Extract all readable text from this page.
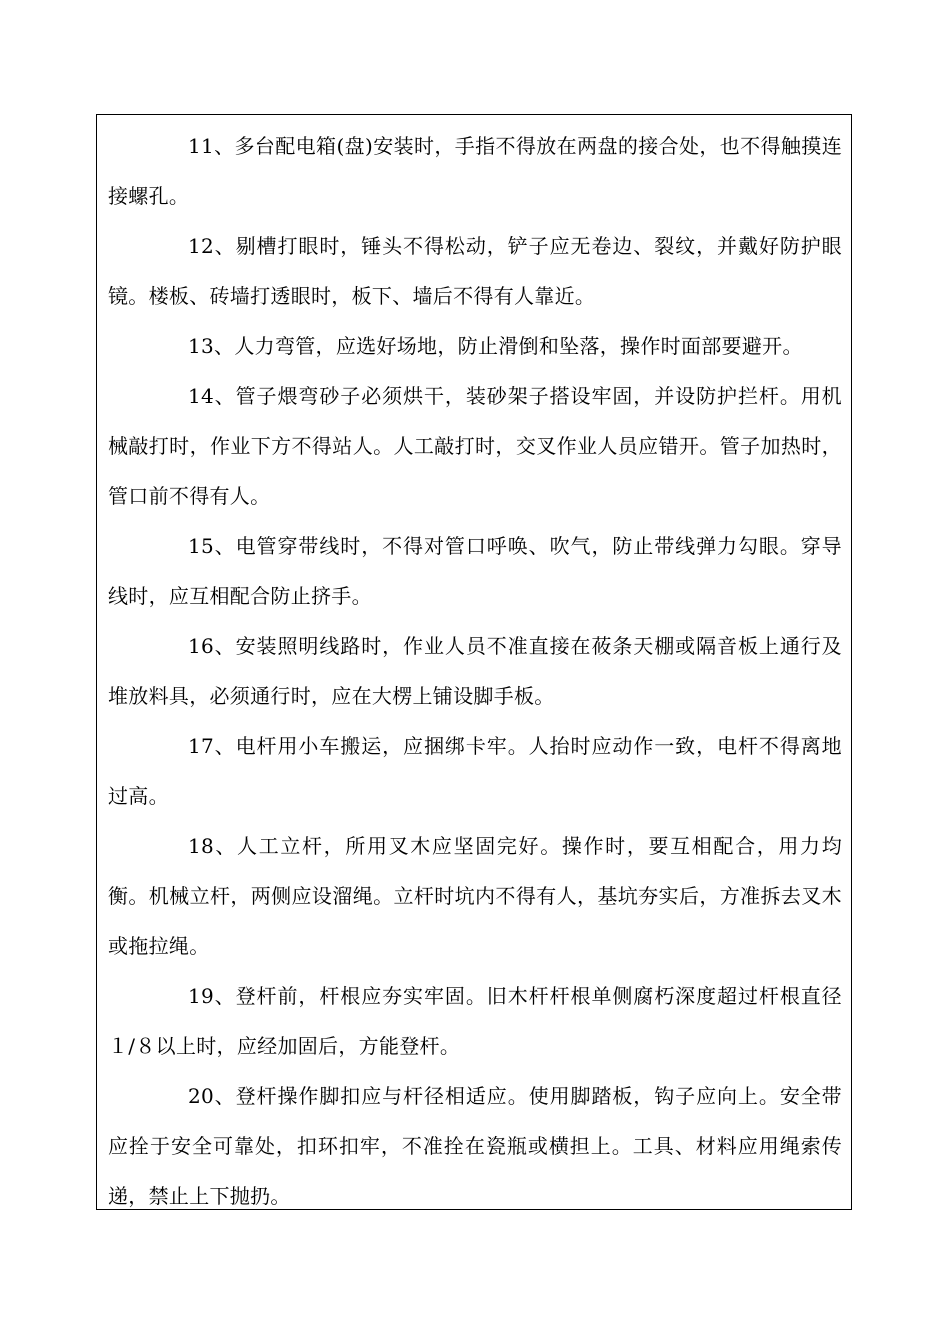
11、多台配电箱(盘)安装时，手指不得放在两盘的接合处，也不得触摸连接螺孔。

12、剔槽打眼时，锤头不得松动，铲子应无卷边、裂纹，并戴好防护眼镜。楼板、砖墙打透眼时，板下、墙后不得有人靠近。

13、人力弯管，应选好场地，防止滑倒和坠落，操作时面部要避开。

14、管子煨弯砂子必须烘干，装砂架子搭设牢固，并设防护拦杆。用机械敲打时，作业下方不得站人。人工敲打时，交叉作业人员应错开。管子加热时，管口前不得有人。

15、电管穿带线时，不得对管口呼唤、吹气，防止带线弹力勾眼。穿导线时，应互相配合防止挤手。

16、安装照明线路时，作业人员不准直接在莜条天棚或隔音板上通行及堆放料具，必须通行时，应在大楞上铺设脚手板。

17、电杆用小车搬运，应捆绑卡牢。人抬时应动作一致，电杆不得离地过高。

18、人工立杆，所用叉木应坚固完好。操作时，要互相配合，用力均衡。机械立杆，两侧应设溜绳。立杆时坑内不得有人，基坑夯实后，方准拆去叉木或拖拉绳。

19、登杆前，杆根应夯实牢固。旧木杆杆根单侧腐朽深度超过杆根直径１/８以上时，应经加固后，方能登杆。

20、登杆操作脚扣应与杆径相适应。使用脚踏板，钩子应向上。安全带应拴于安全可靠处，扣环扣牢，不准拴在瓷瓶或横担上。工具、材料应用绳索传递，禁止上下抛扔。
